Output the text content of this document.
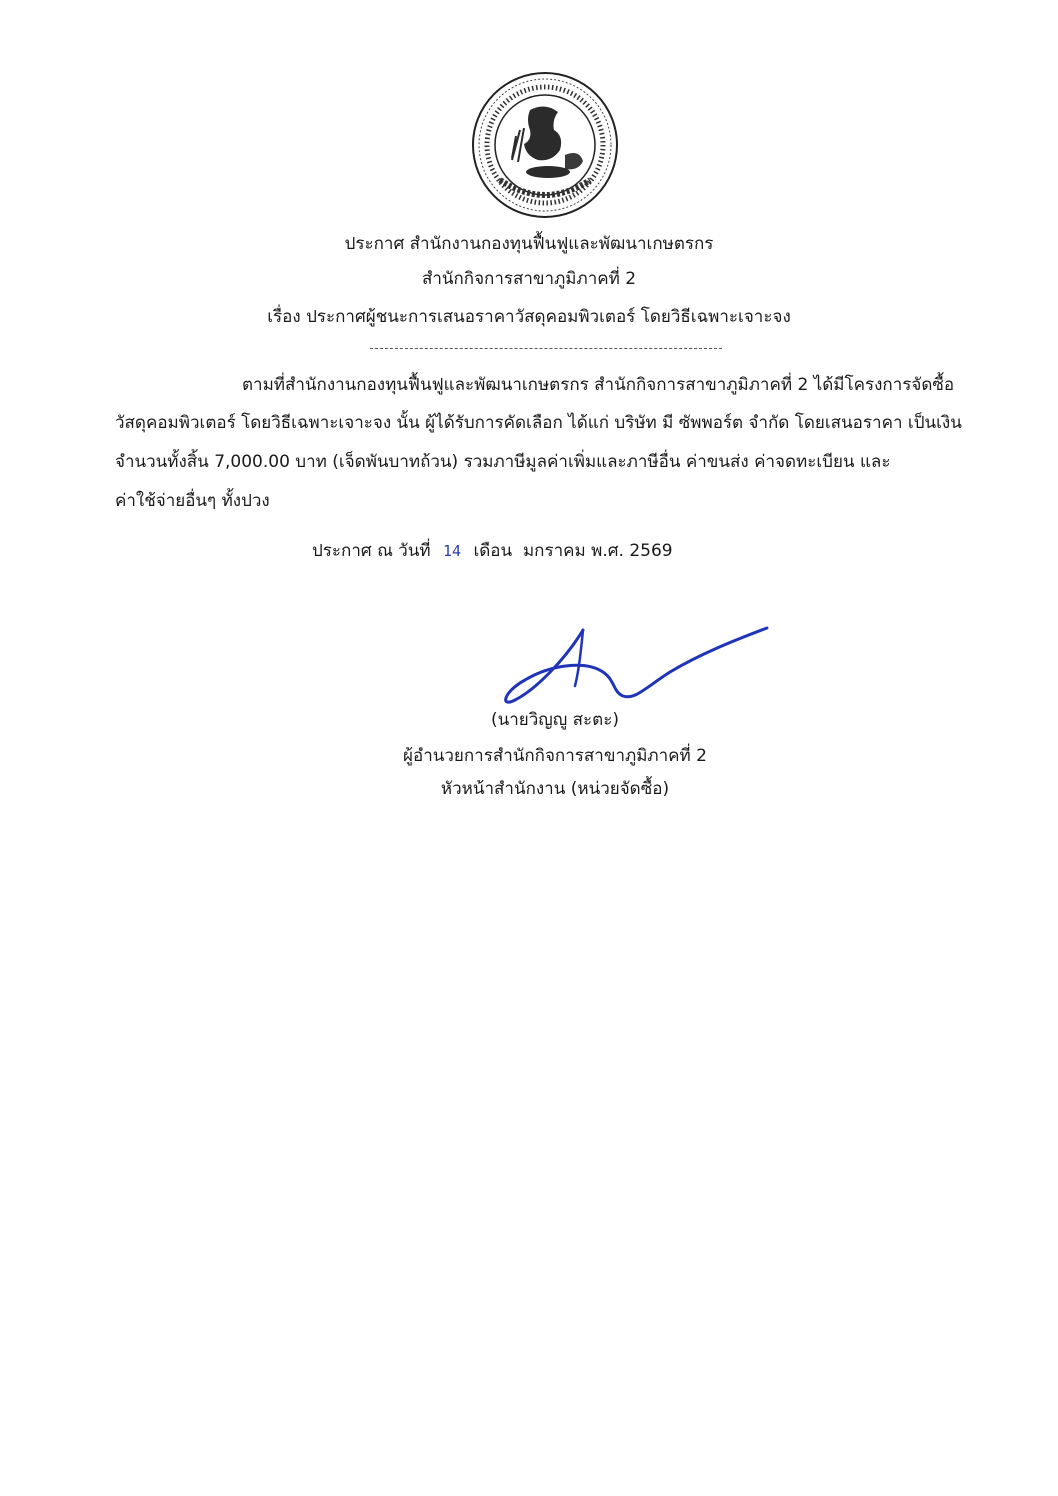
ประกาศ สำนักงานกองทุนฟื้นฟูและพัฒนาเกษตรกร
สำนักกิจการสาขาภูมิภาคที่ 2
เรื่อง ประกาศผู้ชนะการเสนอราคาวัสดุคอมพิวเตอร์ โดยวิธีเฉพาะเจาะจง
ตามที่สำนักงานกองทุนฟื้นฟูและพัฒนาเกษตรกร สำนักกิจการสาขาภูมิภาคที่ 2 ได้มีโครงการจัดซื้อ
วัสดุคอมพิวเตอร์ โดยวิธีเฉพาะเจาะจง นั้น ผู้ได้รับการคัดเลือก ได้แก่ บริษัท มี ซัพพอร์ต จำกัด โดยเสนอราคา เป็นเงิน
จำนวนทั้งสิ้น 7,000.00 บาท (เจ็ดพันบาทถ้วน) รวมภาษีมูลค่าเพิ่มและภาษีอื่น ค่าขนส่ง ค่าจดทะเบียน และ
ค่าใช้จ่ายอื่นๆ ทั้งปวง
ประกาศ ณ วันที่ 14 เดือน มกราคม พ.ศ. 2569
(นายวิญญู สะตะ)
ผู้อำนวยการสำนักกิจการสาขาภูมิภาคที่ 2
หัวหน้าสำนักงาน (หน่วยจัดซื้อ)
